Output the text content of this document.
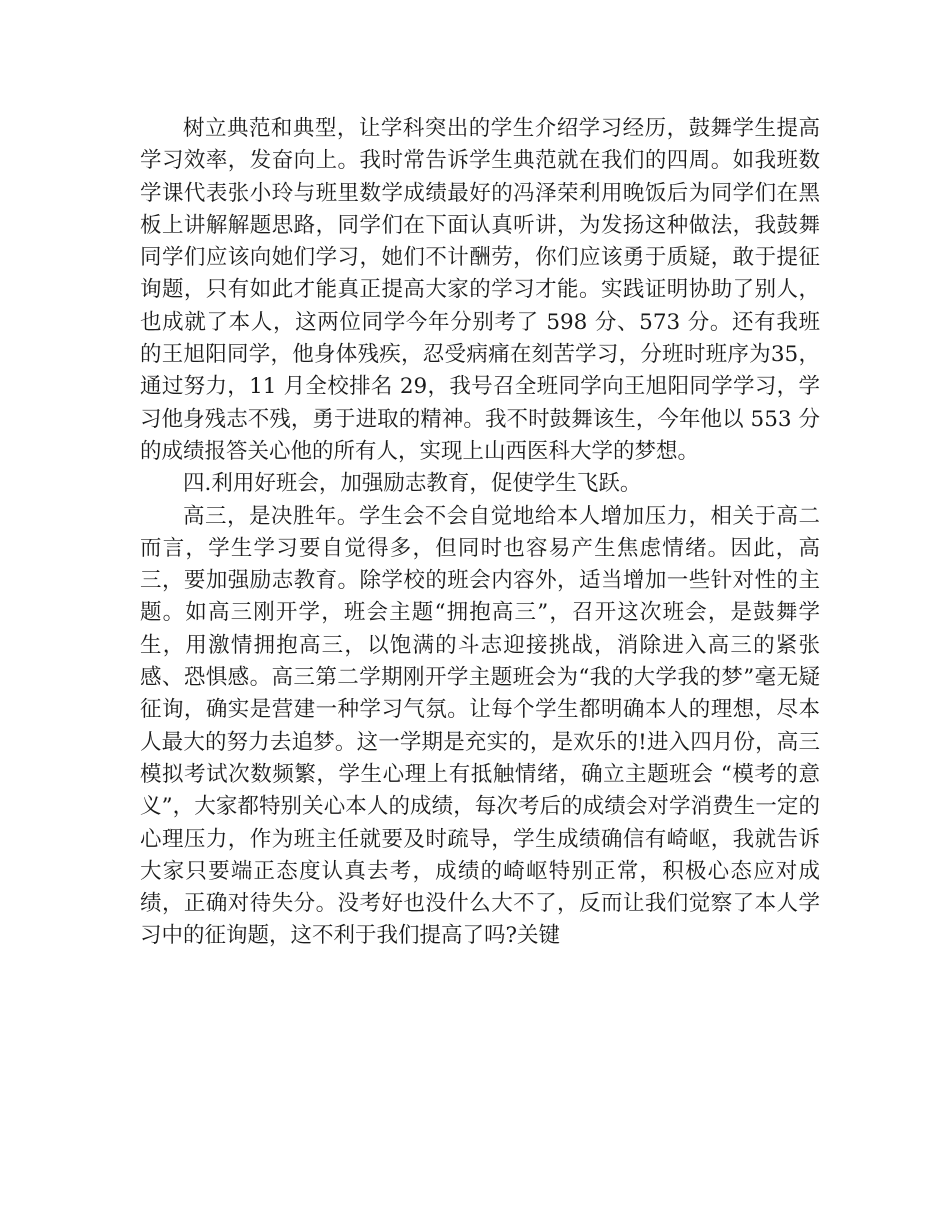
树立典范和典型，让学科突出的学生介绍学习经历，鼓舞学生提高学习效率，发奋向上。我时常告诉学生典范就在我们的四周。如我班数学课代表张小玲与班里数学成绩最好的冯泽荣利用晚饭后为同学们在黑板上讲解解题思路，同学们在下面认真听讲，为发扬这种做法，我鼓舞同学们应该向她们学习，她们不计酬劳，你们应该勇于质疑，敢于提征询题，只有如此才能真正提高大家的学习才能。实践证明协助了别人，也成就了本人，这两位同学今年分别考了 598 分、573 分。还有我班的王旭阳同学，他身体残疾，忍受病痛在刻苦学习，分班时班序为35，通过努力，11 月全校排名 29，我号召全班同学向王旭阳同学学习，学习他身残志不残，勇于进取的精神。我不时鼓舞该生，今年他以 553 分的成绩报答关心他的所有人，实现上山西医科大学的梦想。

四.利用好班会，加强励志教育，促使学生飞跃。

高三，是决胜年。学生会不会自觉地给本人增加压力，相关于高二而言，学生学习要自觉得多，但同时也容易产生焦虑情绪。因此，高三，要加强励志教育。除学校的班会内容外，适当增加一些针对性的主题。如高三刚开学，班会主题“拥抱高三”，召开这次班会，是鼓舞学生，用激情拥抱高三，以饱满的斗志迎接挑战，消除进入高三的紧张感、恐惧感。高三第二学期刚开学主题班会为“我的大学我的梦”毫无疑征询，确实是营建一种学习气氛。让每个学生都明确本人的理想，尽本人最大的努力去追梦。这一学期是充实的，是欢乐的!进入四月份，高三模拟考试次数频繁，学生心理上有抵触情绪，确立主题班会 “模考的意义”，大家都特别关心本人的成绩，每次考后的成绩会对学消费生一定的心理压力，作为班主任就要及时疏导，学生成绩确信有崎岖，我就告诉大家只要端正态度认真去考，成绩的崎岖特别正常，积极心态应对成绩，正确对待失分。没考好也没什么大不了，反而让我们觉察了本人学习中的征询题，这不利于我们提高了吗?关键
